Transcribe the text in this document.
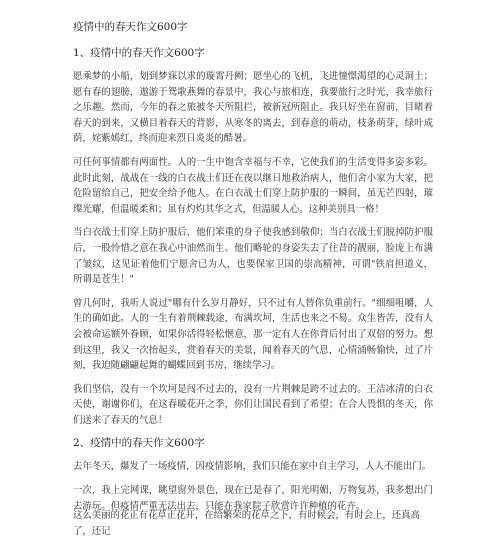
疫情中的春天作文600字
1、疫情中的春天作文600字

愿乘梦的小船，划到梦寐以求的璇霄丹阙；愿坐心的飞机，飞进憧憬渴望的心灵洞土；愿有春的翅膀，遨游于鸳歌燕舞的春景中，我心与旅相连，我要旅行之时光，我幸旅行之乐趣。然而，今年的春之旅被冬天所阻拦，被新冠所阻止。我只好坐在窗前，目睹着春天的到来，又横目着春天的背影，从寒冬的离去，到春意的萌动，枝条萌芽，绿叶成荫，姹紫嫣红，终而迎来烈日炎炎的酷暑。

可任何事情都有两面性。人的一生中饱含幸福与不幸，它使我们的生活变得多姿多彩。此时此刻，战战在一线的白衣战士们还在夜以继日地救治病人，他们舍小家为大家，把危险留给自己，把安全给予他人。在白衣战士们穿上防护服的一瞬间，虽无芒四射，璀璨光耀，但温暖柔和；虽有灼灼其华之式，但温暖人心。这种美别具一格！

当白衣战士们穿上防护服后，他们笨重的身子使我感到敬仰；当白衣战士们脱掉防护服后，一股怜惜之意在我心中油然而生。他们略轮的身姿失去了往昔的靓丽，脸庞上布满了皱纹，这见证着他们宁愿舍已为人，也要保家卫国的崇高精神，可谓"铁肩担道义，所谓是苍生！"

曾几何时，我听人说过"哪有什么岁月静好，只不过有人替你负重前行。"细细咀嚼，人生的确如此。人的一生有着荆棘载途，布满坎坷，生活也来之不易。众生皆苦，没有人会被命运额外眷顾，如果你活得轻松惬意，那一定有人在你背后付出了双倍的努力。想到这里，我又一次抬起头，赏着春天的美景，闻着春天的气息，心情涌畅愉快，过了片刻，我迫随翩翩起舞的蝴蝶回到书房，继续学习。

我们坚信，没有一个坎坷是闯不过去的，没有一片荆棘是跨不过去的。王洁冰清的白衣天使，谢谢你们，在这春暖花开之季，你们让国民看到了希望；在合人畏惧的冬天，你们送来了春天的气息！

2、疫情中的春天作文600字

去年冬天，爆发了一场疫情，因疫情影响，我们只能在家中自主学习，人人不能出门。

一次，我上完网课，眺望窗外景色，现在已是春了，阳光明媚，万物复苏，我多想出门去游玩。但疫情严重无法出去，只能在我家院子欣赏许许种植的花卉。

这么美丽的花正有花草正花开，在给繁荣的花草之下，有时候会，有时会上，还真高了，还记
